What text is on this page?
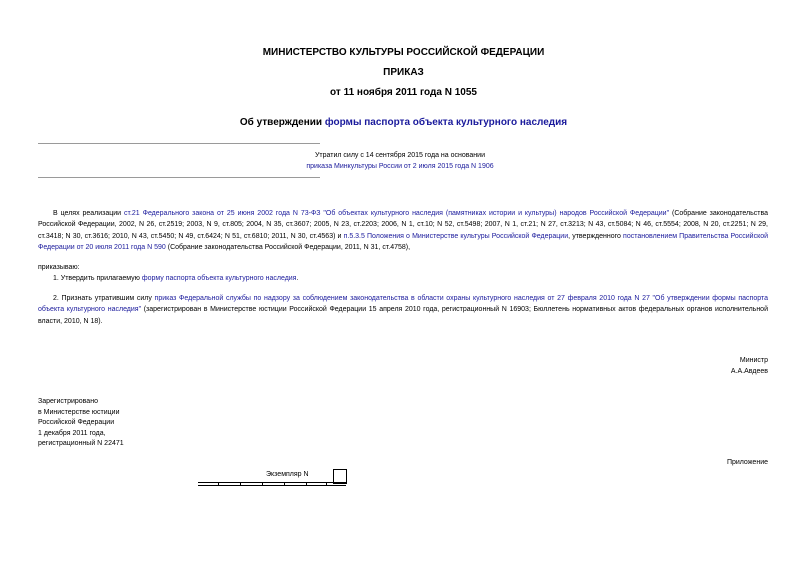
МИНИСТЕРСТВО КУЛЬТУРЫ РОССИЙСКОЙ ФЕДЕРАЦИИ
ПРИКАЗ
от 11 ноября 2011 года N 1055
Об утверждении формы паспорта объекта культурного наследия
Утратил силу с 14 сентября 2015 года на основании
приказа Минкультуры России от 2 июля 2015 года N 1906
В целях реализации ст.21 Федерального закона от 25 июня 2002 года N 73-ФЗ "Об объектах культурного наследия (памятниках истории и культуры) народов Российской Федерации" (Собрание законодательства Российской Федерации, 2002, N 26, ст.2519; 2003, N 9, ст.805; 2004, N 35, ст.3607; 2005, N 23, ст.2203; 2006, N 1, ст.10; N 52, ст.5498; 2007, N 1, ст.21; N 27, ст.3213; N 43, ст.5084; N 46, ст.5554; 2008, N 20, ст.2251; N 29, ст.3418; N 30, ст.3616; 2010, N 43, ст.5450; N 49, ст.6424; N 51, ст.6810; 2011, N 30, ст.4563) и п.5.3.5 Положения о Министерстве культуры Российской Федерации, утвержденного постановлением Правительства Российской Федерации от 20 июля 2011 года N 590 (Собрание законодательства Российской Федерации, 2011, N 31, ст.4758),
приказываю:
1. Утвердить прилагаемую форму паспорта объекта культурного наследия.
2. Признать утратившим силу приказ Федеральной службы по надзору за соблюдением законодательства в области охраны культурного наследия от 27 февраля 2010 года N 27 "Об утверждении формы паспорта объекта культурного наследия" (зарегистрирован в Министерстве юстиции Российской Федерации 15 апреля 2010 года, регистрационный N 16903; Бюллетень нормативных актов федеральных органов исполнительной власти, 2010, N 18).
Министр
А.А.Авдеев
Зарегистрировано
в Министерстве юстиции
Российской Федерации
1 декабря 2011 года,
регистрационный N 22471
Приложение
Экземпляр N
